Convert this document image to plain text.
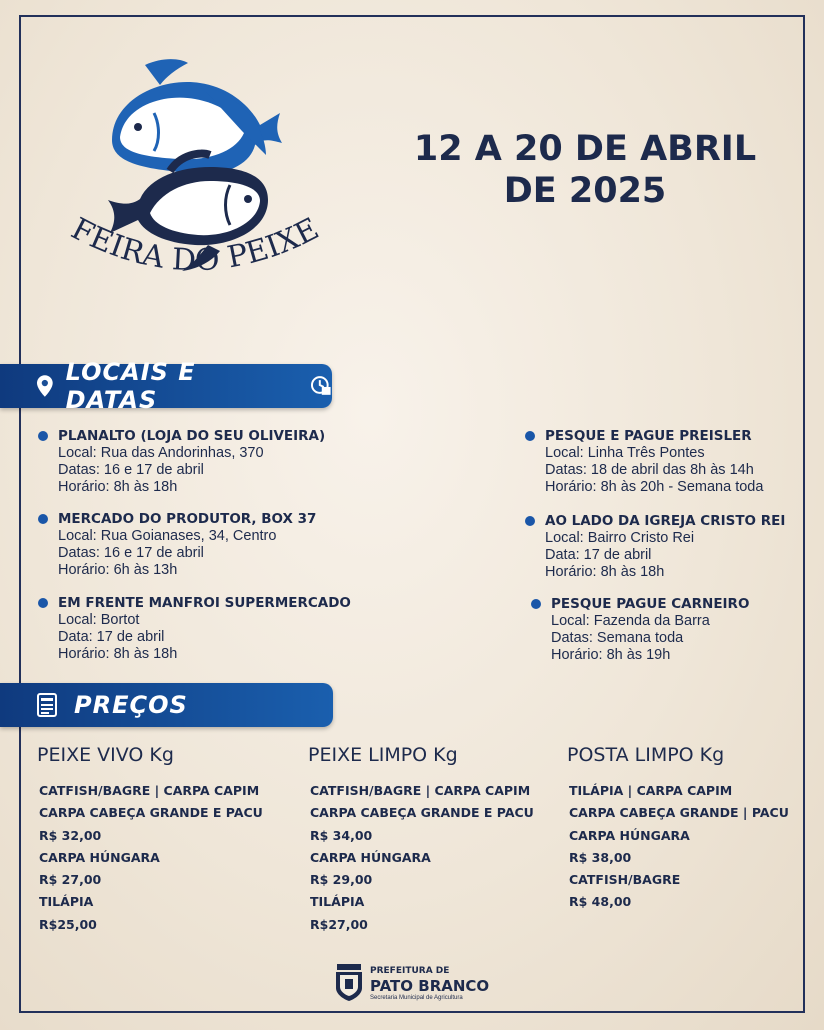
FEIRA DO PEIXE
12 A 20 DE ABRIL
DE 2025
LOCAIS E DATAS
PLANALTO (LOJA DO SEU OLIVEIRA)
Local: Rua das Andorinhas, 370
Datas: 16 e 17 de abril
Horário: 8h às 18h
MERCADO DO PRODUTOR, BOX 37
Local: Rua Goianases, 34, Centro
Datas: 16 e 17 de abril
Horário: 6h às 13h
EM FRENTE MANFROI SUPERMERCADO
Local: Bortot
Data: 17 de abril
Horário: 8h às 18h
PESQUE E PAGUE PREISLER
Local: Linha Três Pontes
Datas: 18 de abril das 8h às 14h
Horário: 8h às 20h - Semana toda
AO LADO DA IGREJA CRISTO REI
Local: Bairro Cristo Rei
Data: 17 de abril
Horário: 8h às 18h
PESQUE PAGUE CARNEIRO
Local: Fazenda da Barra
Datas: Semana toda
Horário: 8h às 19h
PREÇOS
PEIXE VIVO Kg
CATFISH/BAGRE | CARPA CAPIM
CARPA CABEÇA GRANDE E PACU
R$ 32,00
CARPA HÚNGARA
R$ 27,00
TILÁPIA
R$25,00
PEIXE LIMPO Kg
CATFISH/BAGRE | CARPA CAPIM
CARPA CABEÇA GRANDE E PACU
R$ 34,00
CARPA HÚNGARA
R$ 29,00
TILÁPIA
R$27,00
POSTA LIMPO Kg
TILÁPIA | CARPA CAPIM
CARPA CABEÇA GRANDE | PACU
CARPA HÚNGARA
R$ 38,00
CATFISH/BAGRE
R$ 48,00
PREFEITURA DE
PATO BRANCO
Secretaria Municipal de Agricultura
